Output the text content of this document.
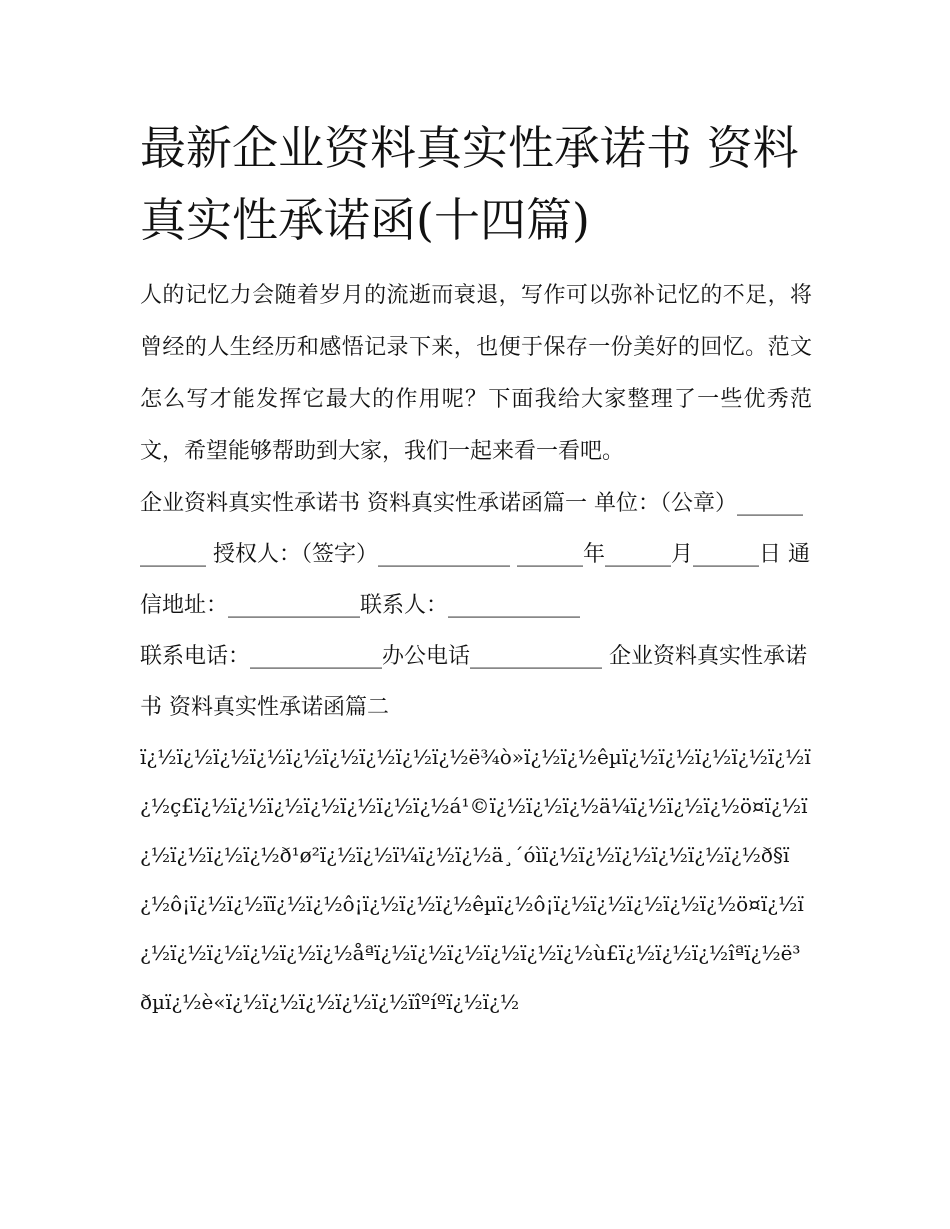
最新企业资料真实性承诺书 资料真实性承诺函(十四篇)

人的记忆力会随着岁月的流逝而衰退，写作可以弥补记忆的不足，将曾经的人生经历和感悟记录下来，也便于保存一份美好的回忆。范文怎么写才能发挥它最大的作用呢？下面我给大家整理了一些优秀范文，希望能够帮助到大家，我们一起来看一看吧。

企业资料真实性承诺书 资料真实性承诺函篇一 单位：（公章）____________ 授权人：（签字）____________ ______年______月______日 通信地址：____________联系人：____________

联系电话：____________办公电话____________ 企业资料真实性承诺书 资料真实性承诺函篇二

ï¿½ï¿½ï¿½ï¿½ï¿½ï¿½ï¿½ï¿½ï¿½ë¾ò»ï¿½ï¿½êµï¿½ï¿½ï¿½ï¿½ï¿½ï¿½ç£ï¿½ï¿½ï¿½ï¿½ï¿½ï¿½ï¿½á¹©ï¿½ï¿½ï¿½ä¼ï¿½ï¿½ï¿½ö¤ï¿½ï¿½ï¿½ï¿½ï¿½ð¹ø²ï¿½ï¿½ï¼ï¿½ï¿½ä¸´óìï¿½ï¿½ï¿½ï¿½ï¿½ï¿½ð§ï¿½ô¡ï¿½ï¿½ïï¿½ï¿½ô¡ï¿½ï¿½ï¿½êµï¿½ô¡ï¿½ï¿½ï¿½ï¿½ï¿½ö¤ï¿½ï¿½ï¿½ï¿½ï¿½ï¿½ï¿½åªï¿½ï¿½ï¿½ï¿½ï¿½ï¿½ù£ï¿½ï¿½ï¿½îªï¿½ë³ðµï¿½è«ï¿½ï¿½ï¿½ï¿½ï¿½ïîºíºï¿½ï¿½
